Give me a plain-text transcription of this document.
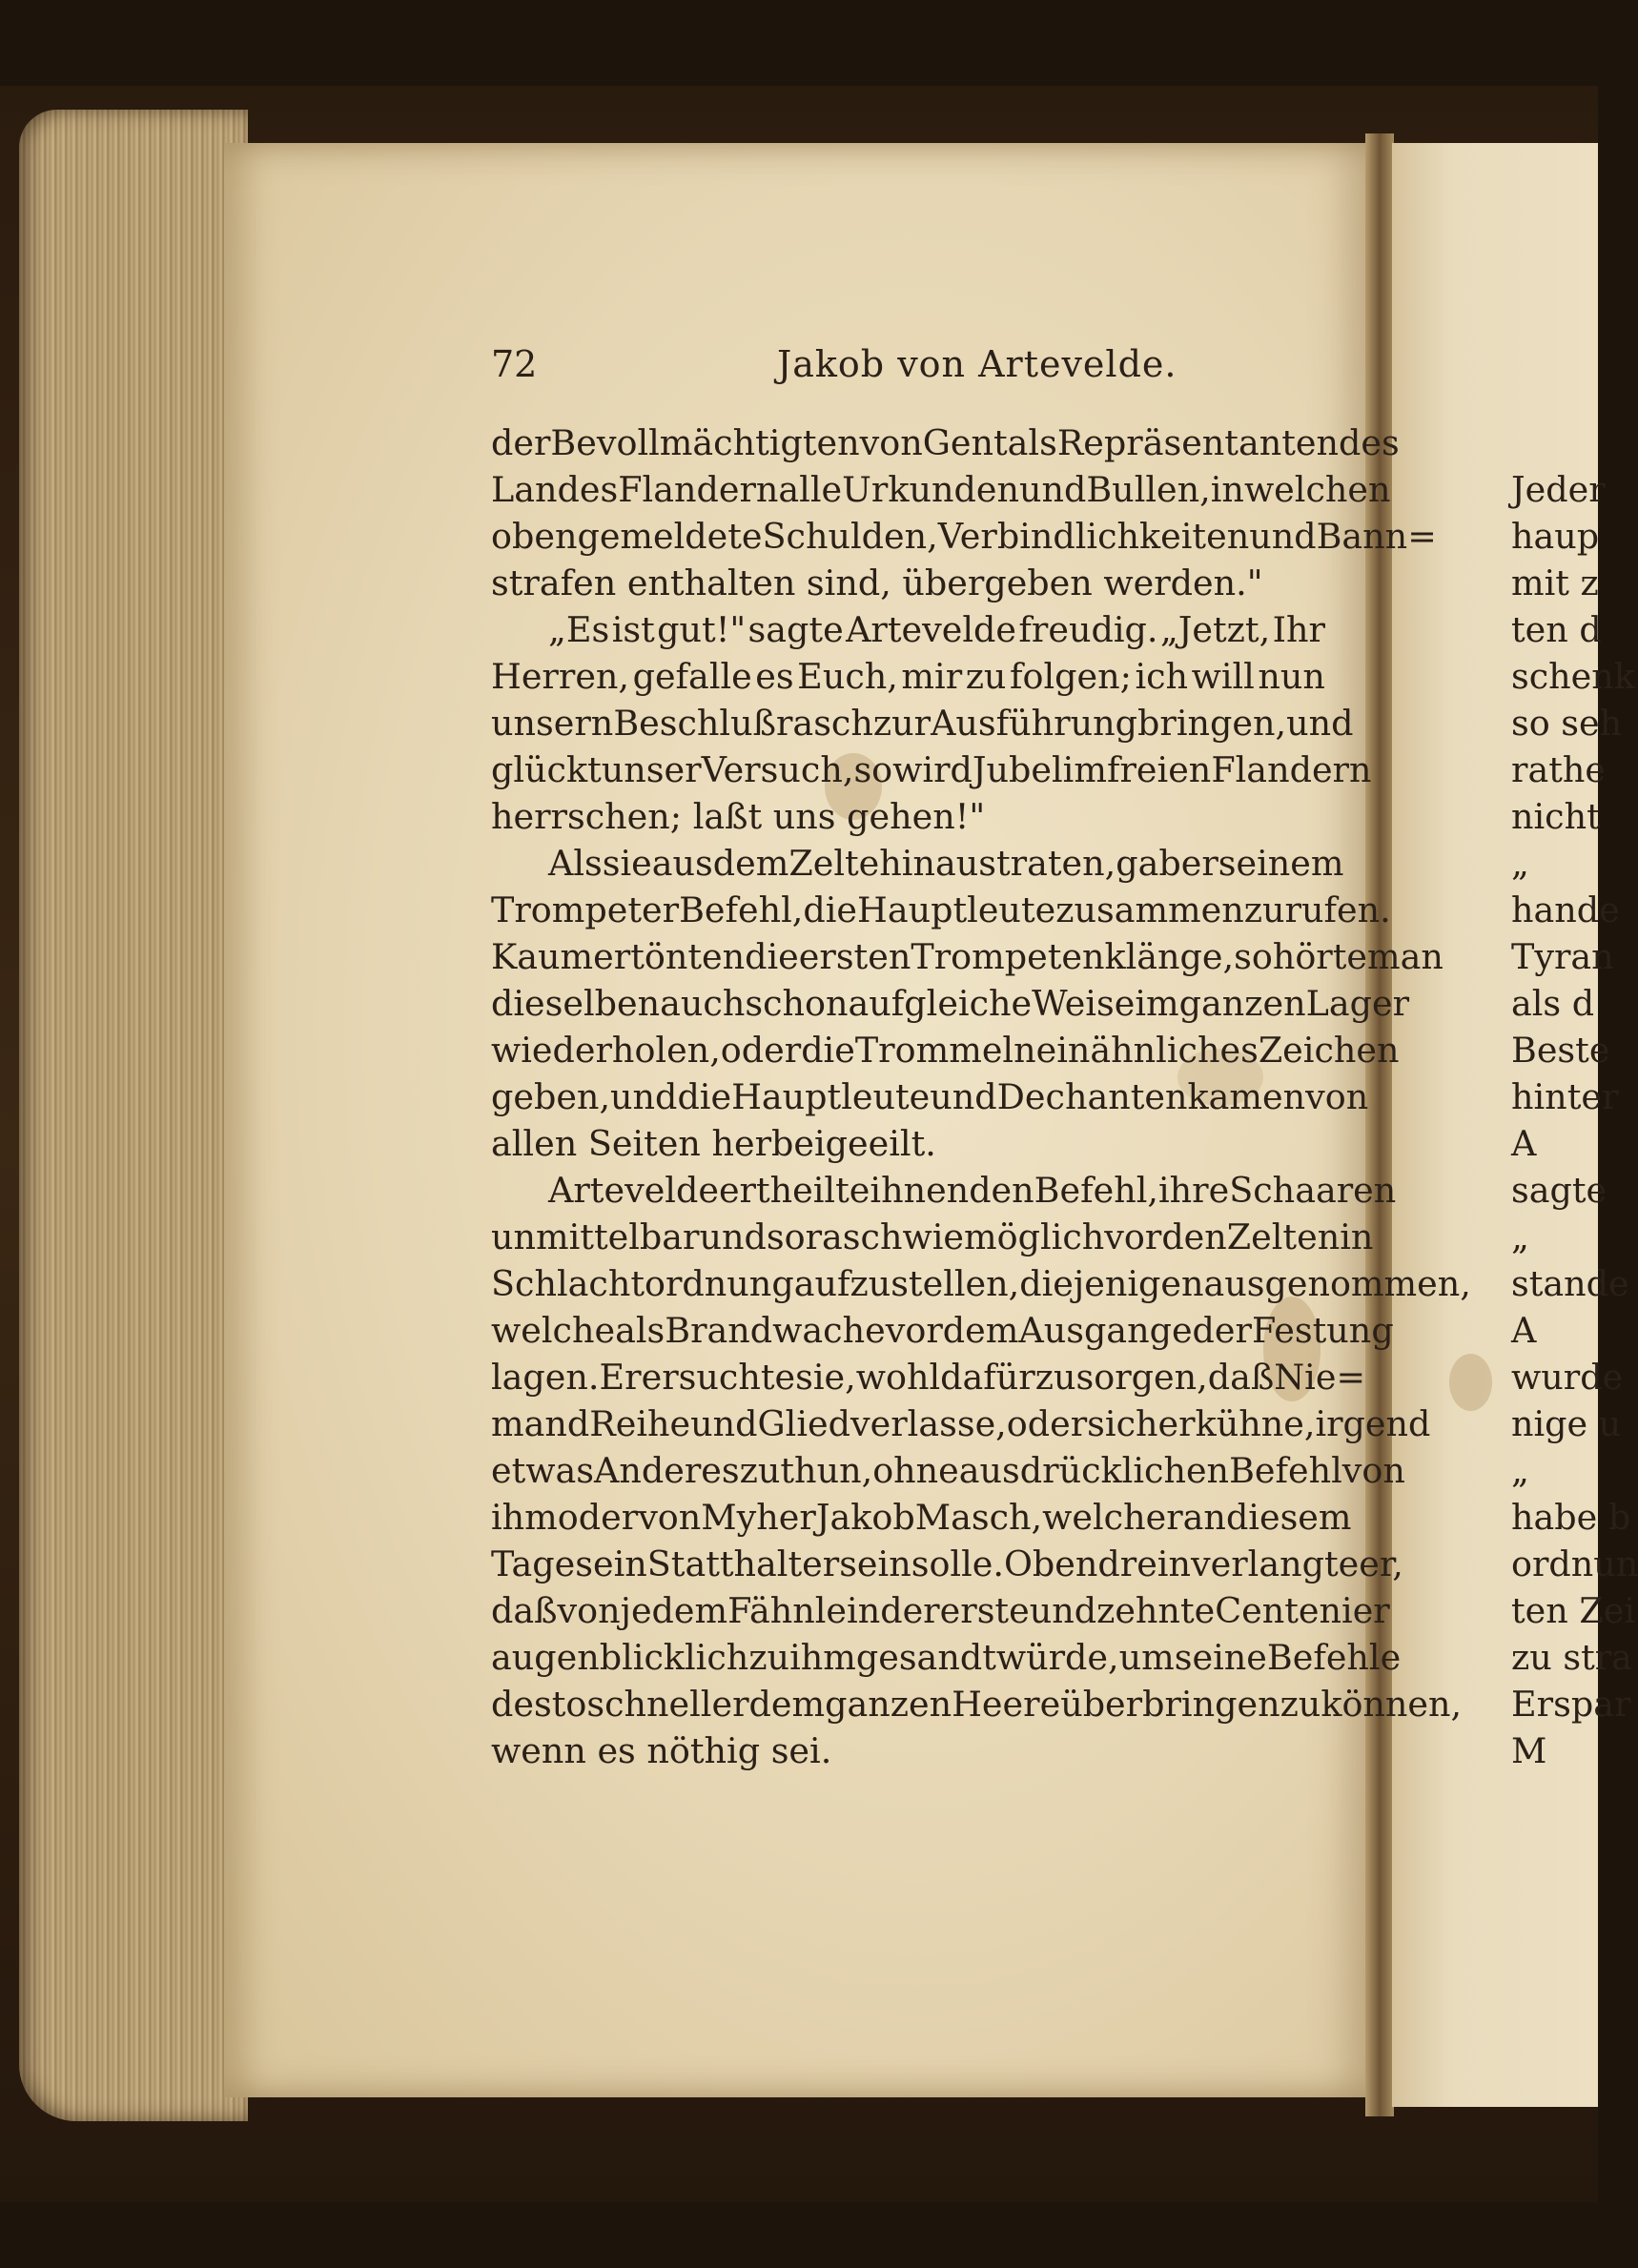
72	Jakob von Artevelde.
der Bevollmächtigten von Gent als Repräsentanten des
Landes Flandern alle Urkunden und Bullen, in welchen
obengemeldete Schulden, Verbindlichkeiten und Bann=
strafen enthalten sind, übergeben werden."
„Es ist gut!" sagte Artevelde freudig. „Jetzt, Ihr
Herren, gefalle es Euch, mir zu folgen; ich will nun
unsern Beschluß rasch zur Ausführung bringen, und
glückt unser Versuch, so wird Jubel im freien Flandern
herrschen; laßt uns gehen!"
Als sie aus dem Zelte hinaustraten, gab er seinem
Trompeter Befehl, die Hauptleute zusammenzurufen.
Kaum ertönten die ersten Trompetenklänge, so hörte man
dieselben auch schon auf gleiche Weise im ganzen Lager
wiederholen, oder die Trommeln ein ähnliches Zeichen
geben, und die Hauptleute und Dechanten kamen von
allen Seiten herbeigeeilt.
Artevelde ertheilte ihnen den Befehl, ihre Schaaren
unmittelbar und so rasch wie möglich vor den Zelten in
Schlachtordnung aufzustellen, diejenigen ausgenommen,
welche als Brandwache vor dem Ausgange der Festung
lagen. Er ersuchte sie, wohl dafür zu sorgen, daß Nie=
mand Reihe und Glied verlasse, oder sich erkühne, irgend
etwas Anderes zu thun, ohne ausdrücklichen Befehl von
ihm oder von Myher Jakob Masch, welcher an diesem
Tage sein Statthalter sein solle. Obendrein verlangte er,
daß von jedem Fähnlein der erste und zehnte Centenier
augenblicklich zu ihm gesandt würde, um seine Befehle
desto schneller dem ganzen Heere überbringen zu können,
wenn es nöthig sei.
Jeder
haup
mit z
ten d
schenk
so seh
rathe
nicht
„
hande
Tyran
als d
Beste
hinter
A
sagte
„
stande
A
wurde
nige u
„
habe b
ordnun
ten Zei
zu stra
Erspar
M
